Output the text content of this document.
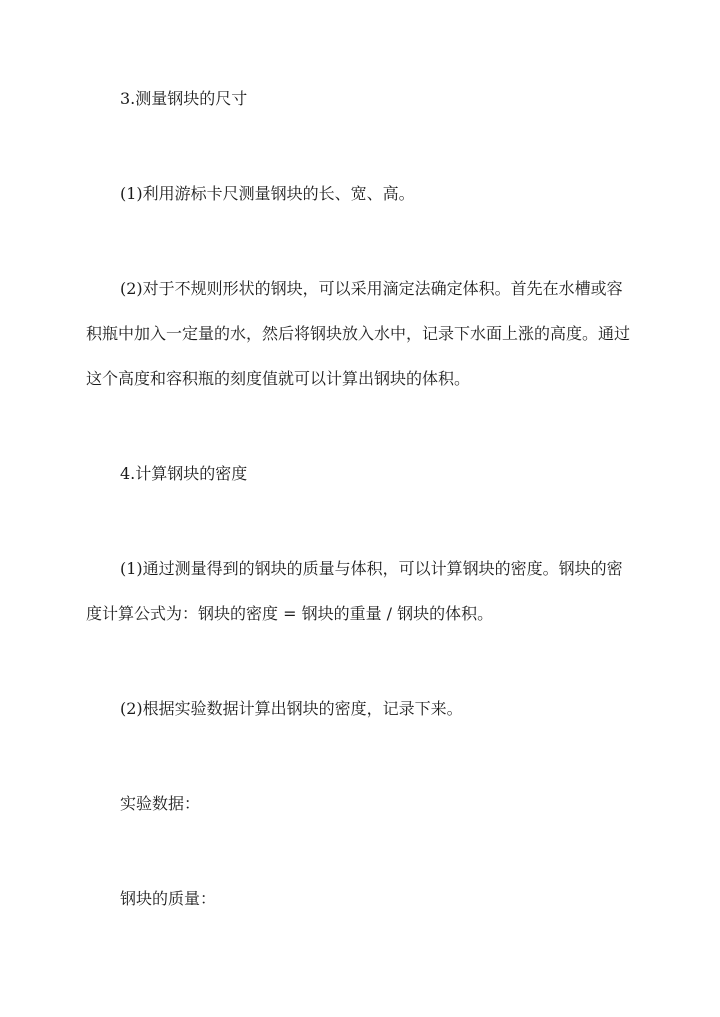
3.测量钢块的尺寸

(1)利用游标卡尺测量钢块的长、宽、高。

(2)对于不规则形状的钢块，可以采用滴定法确定体积。首先在水槽或容积瓶中加入一定量的水，然后将钢块放入水中，记录下水面上涨的高度。通过这个高度和容积瓶的刻度值就可以计算出钢块的体积。

4.计算钢块的密度

(1)通过测量得到的钢块的质量与体积，可以计算钢块的密度。钢块的密度计算公式为：钢块的密度 = 钢块的重量 / 钢块的体积。

(2)根据实验数据计算出钢块的密度，记录下来。

实验数据：

钢块的质量：
